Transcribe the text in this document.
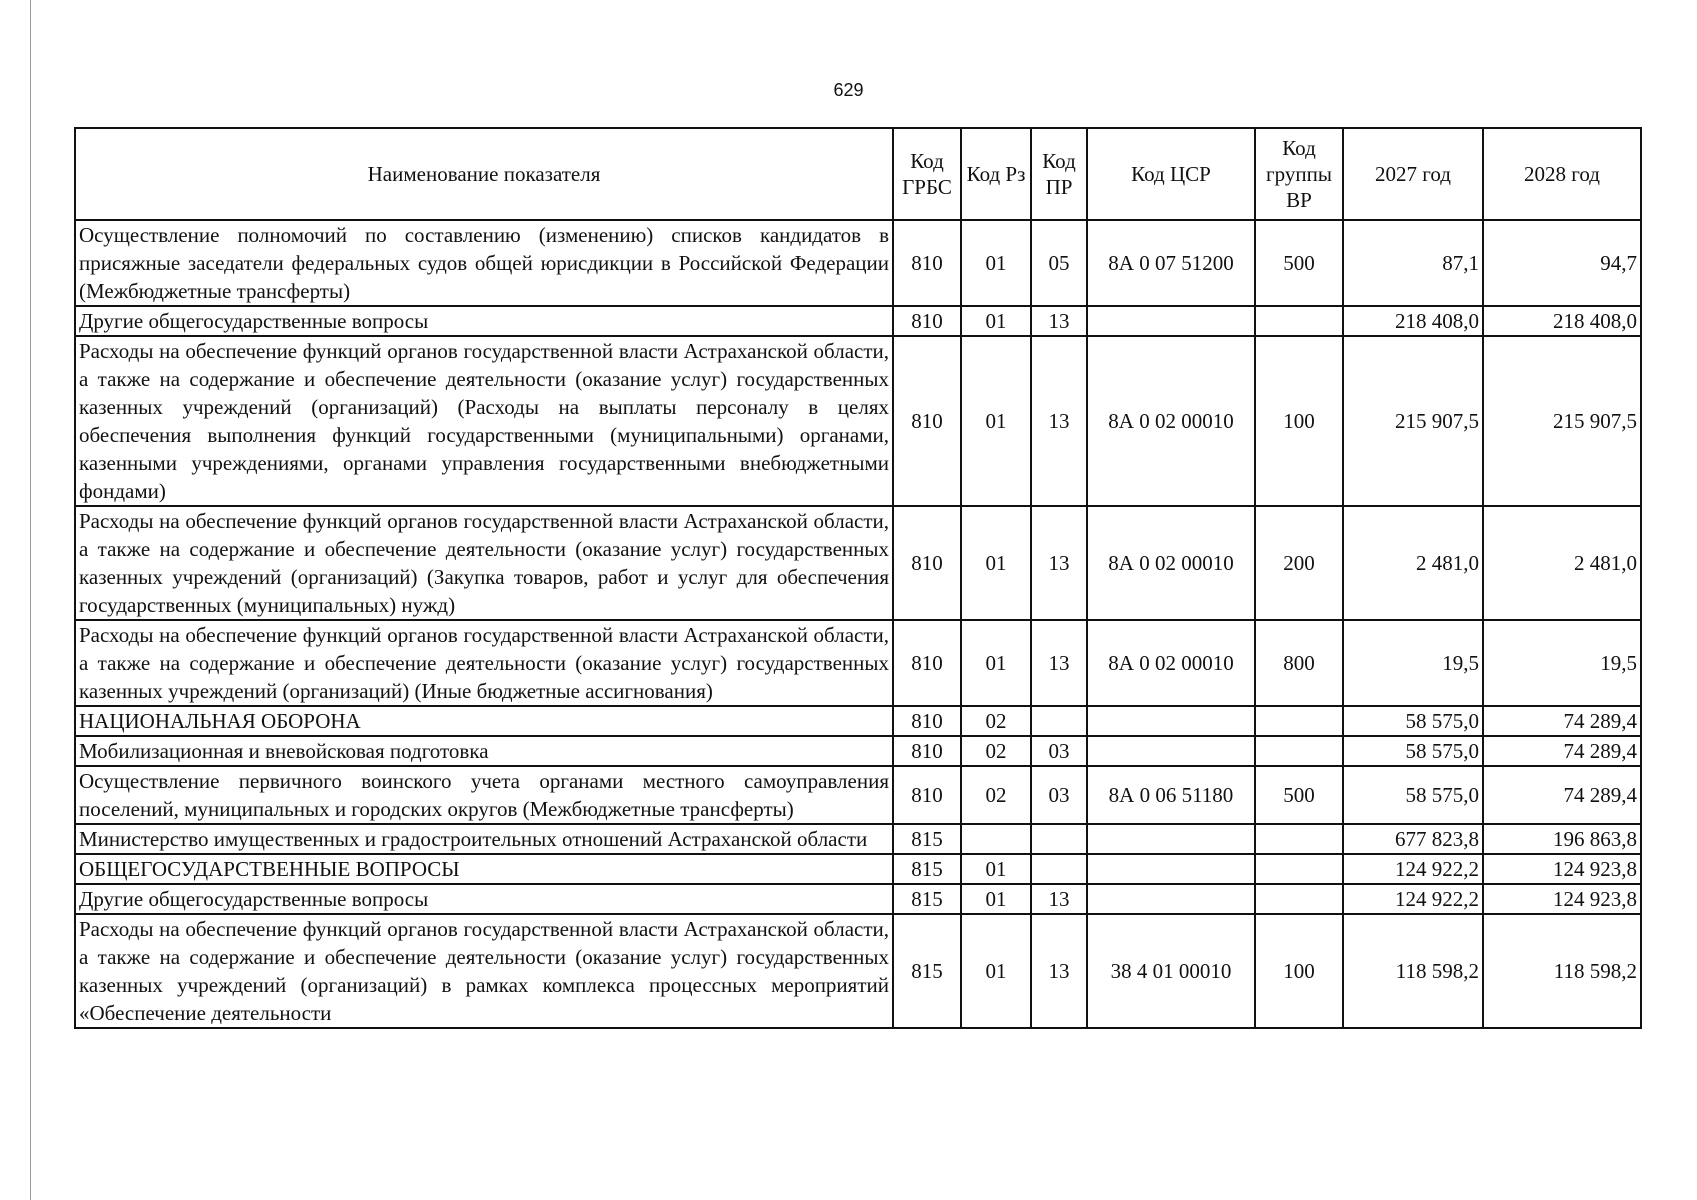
629
Наименование показателя	Код ГРБС	Код Рз	Код ПР	Код ЦСР	Код группы ВР	2027 год	2028 год
Осуществление полномочий по составлению (изменению) списков кандидатов в присяжные заседатели федеральных судов общей юрисдикции в Российской Федерации (Межбюджетные трансферты)	810	01	05	8А 0 07 51200	500	87,1	94,7
Другие общегосударственные вопросы	810	01	13			218 408,0	218 408,0
Расходы на обеспечение функций органов государственной власти Астраханской области, а также на содержание и обеспечение деятельности (оказание услуг) государственных казенных учреждений (организаций) (Расходы на выплаты персоналу в целях обеспечения выполнения функций государственными (муниципальными) органами, казенными учреждениями, органами управления государственными внебюджетными фондами)	810	01	13	8А 0 02 00010	100	215 907,5	215 907,5
Расходы на обеспечение функций органов государственной власти Астраханской области, а также на содержание и обеспечение деятельности (оказание услуг) государственных казенных учреждений (организаций) (Закупка товаров, работ и услуг для обеспечения государственных (муниципальных) нужд)	810	01	13	8А 0 02 00010	200	2 481,0	2 481,0
Расходы на обеспечение функций органов государственной власти Астраханской области, а также на содержание и обеспечение деятельности (оказание услуг) государственных казенных учреждений (организаций) (Иные бюджетные ассигнования)	810	01	13	8А 0 02 00010	800	19,5	19,5
НАЦИОНАЛЬНАЯ ОБОРОНА	810	02				58 575,0	74 289,4
Мобилизационная и вневойсковая подготовка	810	02	03			58 575,0	74 289,4
Осуществление первичного воинского учета органами местного самоуправления поселений, муниципальных и городских округов (Межбюджетные трансферты)	810	02	03	8А 0 06 51180	500	58 575,0	74 289,4
Министерство имущественных и градостроительных отношений Астраханской области	815					677 823,8	196 863,8
ОБЩЕГОСУДАРСТВЕННЫЕ ВОПРОСЫ	815	01				124 922,2	124 923,8
Другие общегосударственные вопросы	815	01	13			124 922,2	124 923,8
Расходы на обеспечение функций органов государственной власти Астраханской области, а также на содержание и обеспечение деятельности (оказание услуг) государственных казенных учреждений (организаций) в рамках комплекса процессных мероприятий «Обеспечение деятельности	815	01	13	38 4 01 00010	100	118 598,2	118 598,2
